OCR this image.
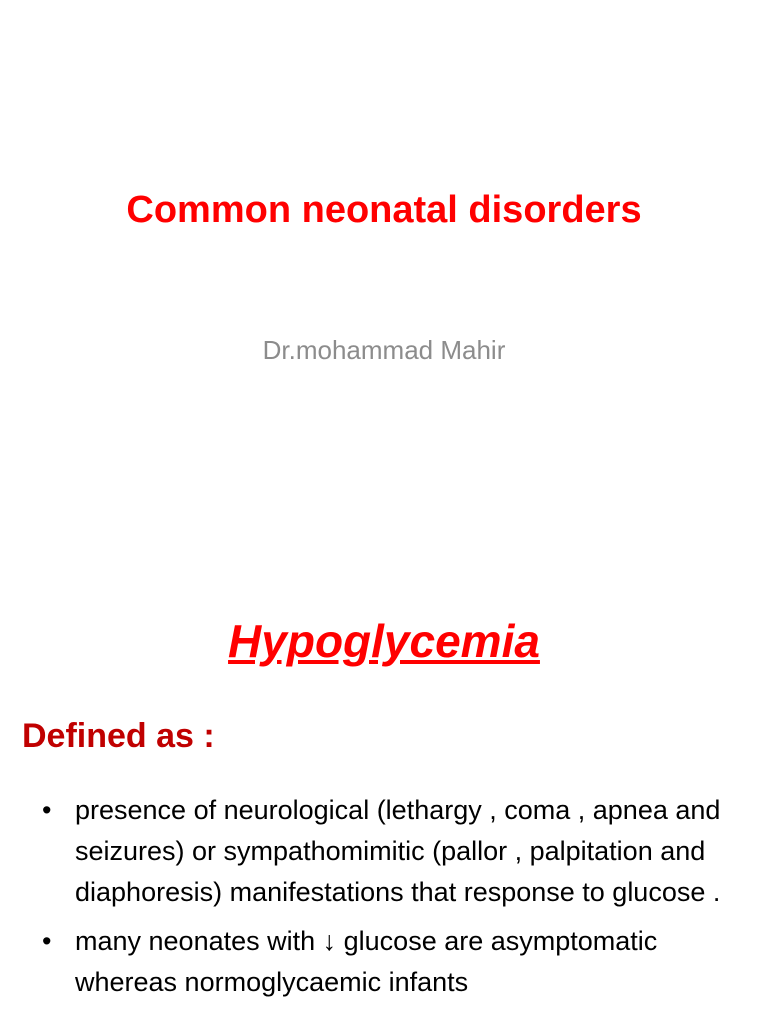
Common neonatal disorders
Dr.mohammad Mahir
Hypoglycemia
Defined as :
• presence of neurological (lethargy , coma , apnea and seizures) or sympathomimitic (pallor , palpitation and diaphoresis) manifestations that response to glucose .
• many neonates with ↓ glucose are asymptomatic whereas normoglycaemic infants
